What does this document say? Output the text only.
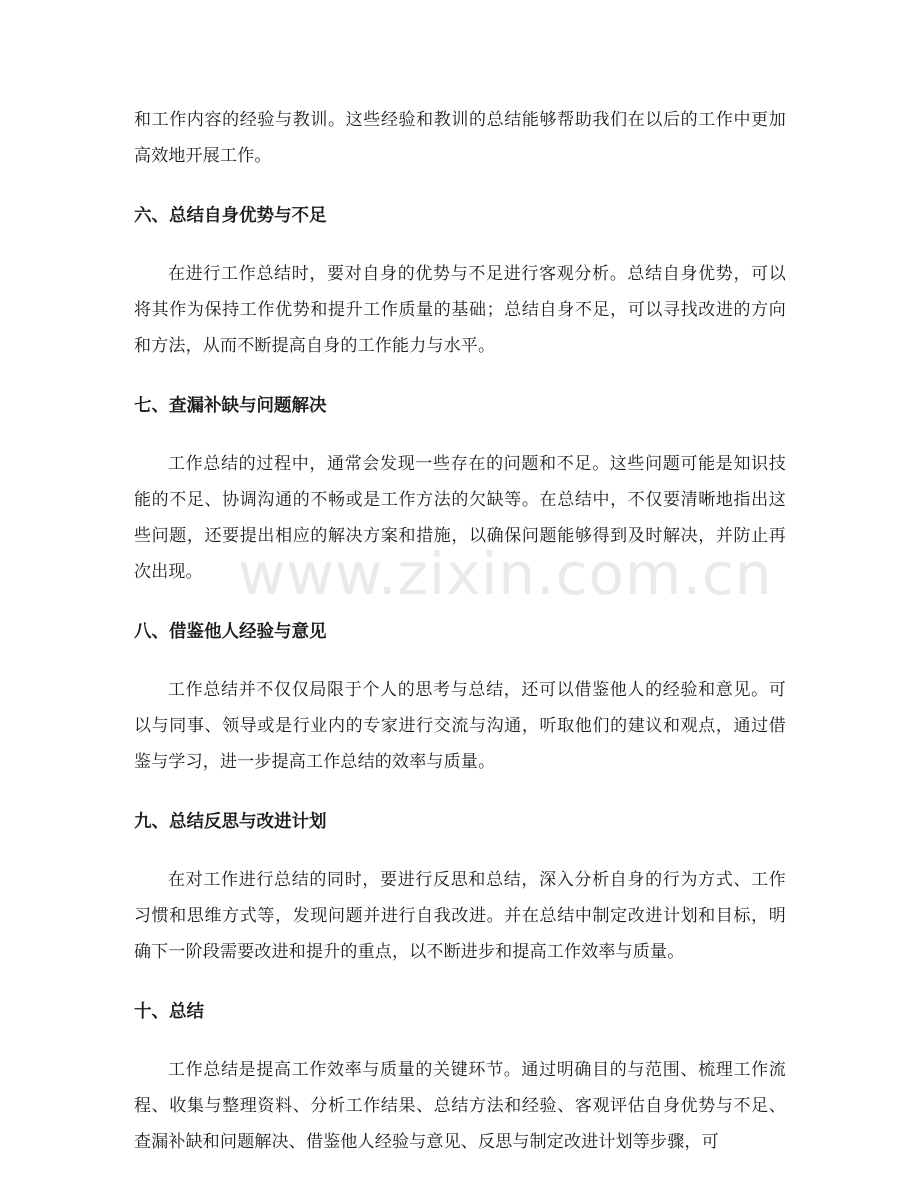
和工作内容的经验与教训。这些经验和教训的总结能够帮助我们在以后的工作中更加高效地开展工作。

六、总结自身优势与不足

在进行工作总结时，要对自身的优势与不足进行客观分析。总结自身优势，可以将其作为保持工作优势和提升工作质量的基础；总结自身不足，可以寻找改进的方向和方法，从而不断提高自身的工作能力与水平。

七、查漏补缺与问题解决

工作总结的过程中，通常会发现一些存在的问题和不足。这些问题可能是知识技能的不足、协调沟通的不畅或是工作方法的欠缺等。在总结中，不仅要清晰地指出这些问题，还要提出相应的解决方案和措施，以确保问题能够得到及时解决，并防止再次出现。

八、借鉴他人经验与意见

工作总结并不仅仅局限于个人的思考与总结，还可以借鉴他人的经验和意见。可以与同事、领导或是行业内的专家进行交流与沟通，听取他们的建议和观点，通过借鉴与学习，进一步提高工作总结的效率与质量。

九、总结反思与改进计划

在对工作进行总结的同时，要进行反思和总结，深入分析自身的行为方式、工作习惯和思维方式等，发现问题并进行自我改进。并在总结中制定改进计划和目标，明确下一阶段需要改进和提升的重点，以不断进步和提高工作效率与质量。

十、总结

工作总结是提高工作效率与质量的关键环节。通过明确目的与范围、梳理工作流程、收集与整理资料、分析工作结果、总结方法和经验、客观评估自身优势与不足、查漏补缺和问题解决、借鉴他人经验与意见、反思与制定改进计划等步骤，可

www.zixin.com.cn
